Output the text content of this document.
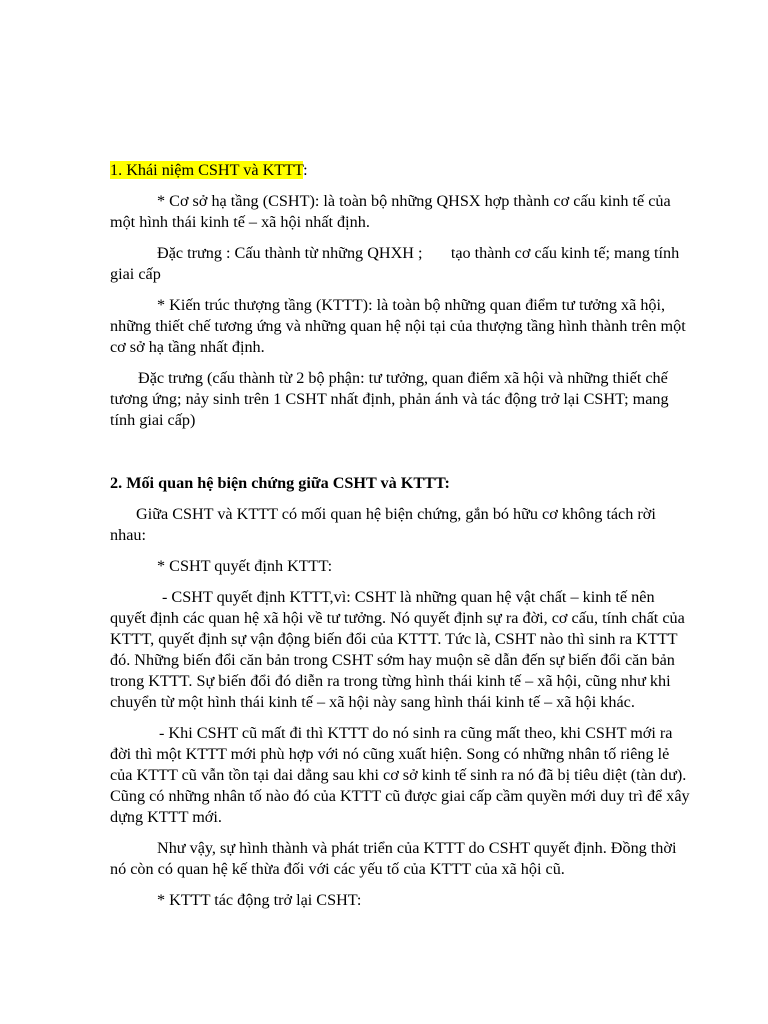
1. Khái niệm CSHT và KTTT:

* Cơ sở hạ tầng (CSHT): là toàn bộ những QHSX hợp thành cơ cấu kinh tế của một hình thái kinh tế – xã hội nhất định.

Đặc trưng : Cấu thành từ những QHXH ;       tạo thành cơ cấu kinh tế; mang tính giai cấp

* Kiến trúc thượng tầng (KTTT): là toàn bộ những quan điểm tư tưởng xã hội, những thiết chế tương ứng và những quan hệ nội tại của thượng tầng hình thành trên một cơ sở hạ tầng nhất định.

Đặc trưng (cấu thành từ 2 bộ phận: tư tưởng, quan điểm xã hội và những thiết chế tương ứng; nảy sinh trên 1 CSHT nhất định, phản ánh và tác động trở lại CSHT; mang tính giai cấp)

2. Mối quan hệ biện chứng giữa CSHT và KTTT:

Giữa CSHT và KTTT có mối quan hệ biện chứng, gắn bó hữu cơ không tách rời nhau:

* CSHT quyết định KTTT:

- CSHT quyết định KTTT,vì: CSHT là những quan hệ vật chất – kinh tế nên quyết định các quan hệ xã hội về tư tưởng. Nó quyết định sự ra đời, cơ cấu, tính chất của KTTT, quyết định sự vận động biến đổi của KTTT. Tức là, CSHT nào thì sinh ra KTTT đó. Những biến đổi căn bản trong CSHT sớm hay muộn sẽ dẫn đến sự biến đổi căn bản trong KTTT. Sự biến đổi đó diễn ra trong từng hình thái kinh tế – xã hội, cũng như khi chuyển từ một hình thái kinh tế – xã hội này sang hình thái kinh tế – xã hội khác.

- Khi CSHT cũ mất đi thì KTTT do nó sinh ra cũng mất theo, khi CSHT mới ra đời thì một KTTT mới phù hợp với nó cũng xuất hiện. Song có những nhân tố riêng lẻ của KTTT cũ vẫn tồn tại dai dẳng sau khi cơ sở kinh tế sinh ra nó đã bị tiêu diệt (tàn dư). Cũng có những nhân tố nào đó của KTTT cũ được giai cấp cầm quyền mới duy trì để xây dựng KTTT mới.

Như vậy, sự hình thành và phát triển của KTTT do CSHT quyết định. Đồng thời nó còn có quan hệ kế thừa đối với các yếu tố của KTTT của xã hội cũ.

* KTTT tác động trở lại CSHT:
